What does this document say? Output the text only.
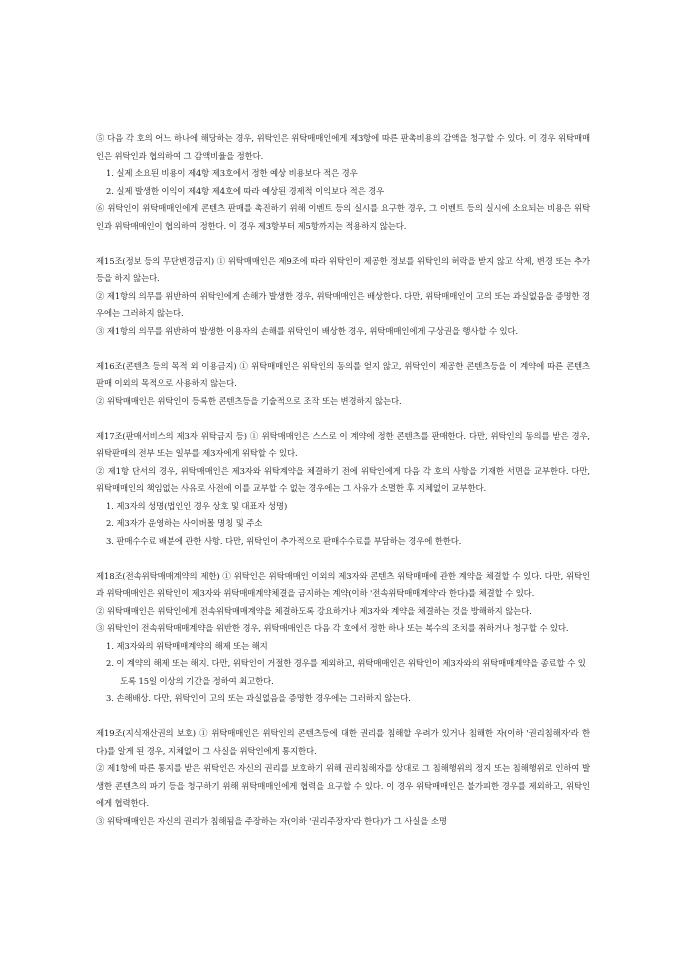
⑤ 다음 각 호의 어느 하나에 해당하는 경우, 위탁인은 위탁매매인에게 제3항에 따른 판촉비용의 감액을 청구할 수 있다. 이 경우 위탁매매인은 위탁인과 협의하여 그 감액비율을 정한다.

1. 실제 소요된 비용이 제4항 제3호에서 정한 예상 비용보다 적은 경우

2. 실제 발생한 이익이 제4항 제4호에 따라 예상된 경제적 이익보다 적은 경우

⑥ 위탁인이 위탁매매인에게 콘텐츠 판매를 촉진하기 위해 이벤트 등의 실시를 요구한 경우, 그 이벤트 등의 실시에 소요되는 비용은 위탁인과 위탁매매인이 협의하여 정한다. 이 경우 제3항부터 제5항까지는 적용하지 않는다.

제15조(정보 등의 무단변경금지) ① 위탁매매인은 제9조에 따라 위탁인이 제공한 정보를 위탁인의 허락을 받지 않고 삭제, 변경 또는 추가 등을 하지 않는다.

② 제1항의 의무를 위반하여 위탁인에게 손해가 발생한 경우, 위탁매매인은 배상한다. 다만, 위탁매매인이 고의 또는 과실없음을 증명한 경우에는 그러하지 않는다.

③ 제1항의 의무를 위반하여 발생한 이용자의 손해를 위탁인이 배상한 경우, 위탁매매인에게 구상권을 행사할 수 있다.

제16조(콘텐츠 등의 목적 외 이용금지) ① 위탁매매인은 위탁인의 동의를 얻지 않고, 위탁인이 제공한 콘텐츠등을 이 계약에 따른 콘텐츠 판매 이외의 목적으로 사용하지 않는다.

② 위탁매매인은 위탁인이 등록한 콘텐츠등을 기술적으로 조작 또는 변경하지 않는다.

제17조(판매서비스의 제3자 위탁금지 등) ① 위탁매매인은 스스로 이 계약에 정한 콘텐츠를 판매한다. 다만, 위탁인의 동의를 받은 경우, 위탁판매의 전부 또는 일부를 제3자에게 위탁할 수 있다.

② 제1항 단서의 경우, 위탁매매인은 제3자와 위탁계약을 체결하기 전에 위탁인에게 다음 각 호의 사항을 기재한 서면을 교부한다. 다만, 위탁매매인의 책임없는 사유로 사전에 이를 교부할 수 없는 경우에는 그 사유가 소멸한 후 지체없이 교부한다.

1. 제3자의 성명(법인인 경우 상호 및 대표자 성명)

2. 제3자가 운영하는 사이버몰 명칭 및 주소

3. 판매수수료 배분에 관한 사항. 다만, 위탁인이 추가적으로 판매수수료를 부담하는 경우에 한한다.

제18조(전속위탁매매계약의 제한) ① 위탁인은 위탁매매인 이외의 제3자와 콘텐츠 위탁매매에 관한 계약을 체결할 수 있다. 다만, 위탁인과 위탁매매인은 위탁인이 제3자와 위탁매매계약체결을 금지하는 계약(이하 '전속위탁매매계약'라 한다)를 체결할 수 있다.

② 위탁매매인은 위탁인에게 전속위탁매매계약을 체결하도록 강요하거나 제3자와 계약을 체결하는 것을 방해하지 않는다.

③ 위탁인이 전속위탁매매계약을 위반한 경우, 위탁매매인은 다음 각 호에서 정한 하나 또는 복수의 조치를 취하거나 청구할 수 있다.

1. 제3자와의 위탁매매계약의 해제 또는 해지

2. 이 계약의 해제 또는 해지. 다만, 위탁인이 거절한 경우를 제외하고, 위탁매매인은 위탁인이 제3자와의 위탁매매계약을 종료할 수 있도록 15일 이상의 기간을 정하여 최고한다.

3. 손해배상. 다만, 위탁인이 고의 또는 과실없음을 증명한 경우에는 그러하지 않는다.

제19조(지식재산권의 보호) ① 위탁매매인은 위탁인의 콘텐츠등에 대한 권리를 침해할 우려가 있거나 침해한 자(이하 '권리침해자'라 한다)를 알게 된 경우, 지체없이 그 사실을 위탁인에게 통지한다.

② 제1항에 따른 통지를 받은 위탁인은 자신의 권리를 보호하기 위해 권리침해자를 상대로 그 침해행위의 정지 또는 침해행위로 인하여 발생한 콘텐츠의 파기 등을 청구하기 위해 위탁매매인에게 협력을 요구할 수 있다. 이 경우 위탁매매인은 불가피한 경우를 제외하고, 위탁인에게 협력한다.

③ 위탁매매인은 자신의 권리가 침해됨을 주장하는 자(이하 '권리주장자'라 한다)가 그 사실을 소명
